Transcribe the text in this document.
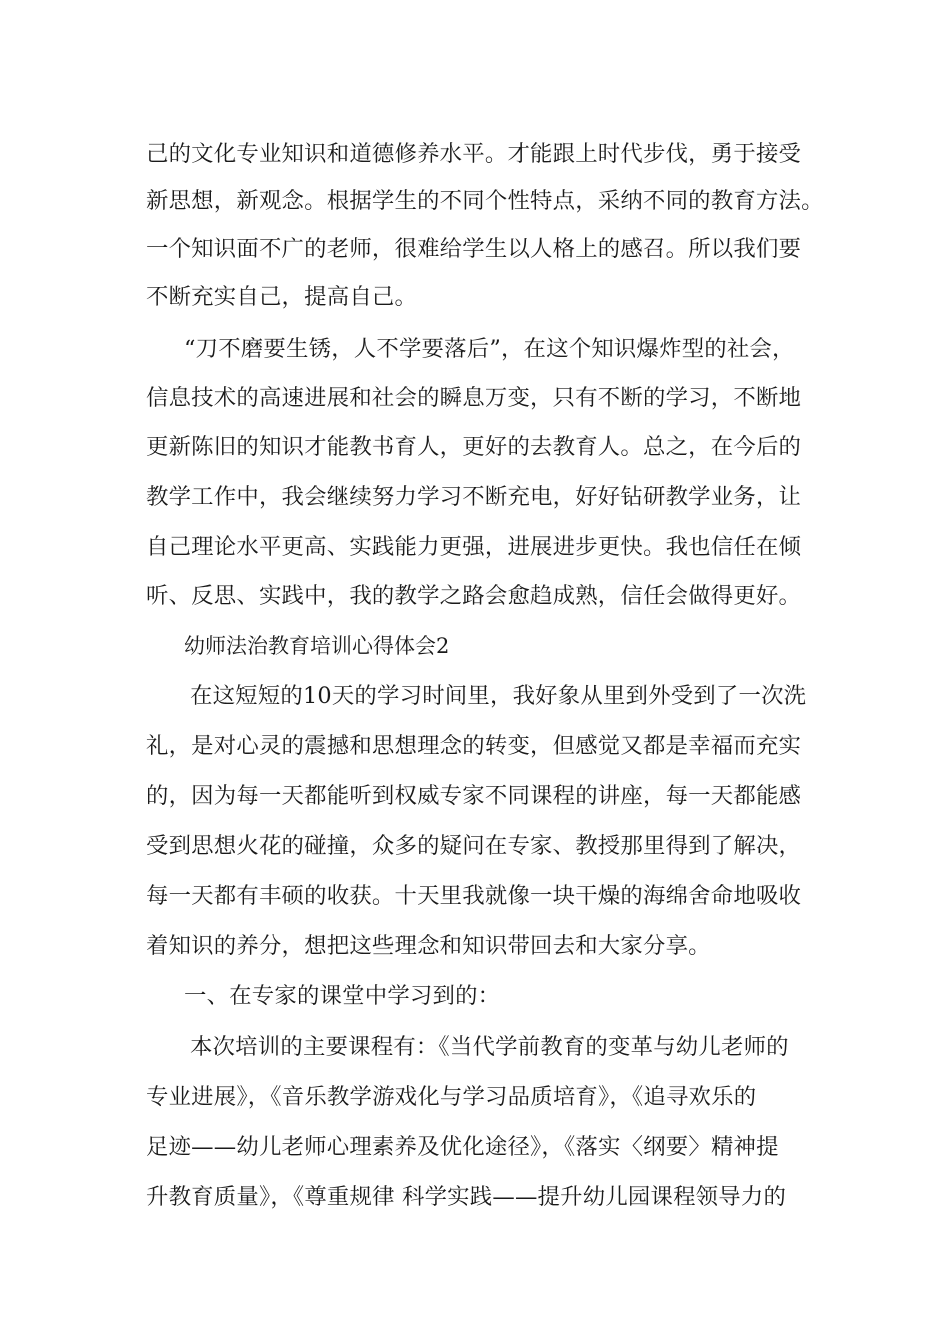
己的文化专业知识和道德修养水平。才能跟上时代步伐，勇于接受
新思想，新观念。根据学生的不同个性特点，采纳不同的教育方法。
一个知识面不广的老师，很难给学生以人格上的感召。所以我们要
不断充实自己，提高自己。
“刀不磨要生锈，人不学要落后”，在这个知识爆炸型的社会，
信息技术的高速进展和社会的瞬息万变，只有不断的学习，不断地
更新陈旧的知识才能教书育人，更好的去教育人。总之，在今后的
教学工作中，我会继续努力学习不断充电，好好钻研教学业务，让
自己理论水平更高、实践能力更强，进展进步更快。我也信任在倾
听、反思、实践中，我的教学之路会愈趋成熟，信任会做得更好。
幼师法治教育培训心得体会2
在这短短的10天的学习时间里，我好象从里到外受到了一次洗
礼，是对心灵的震撼和思想理念的转变，但感觉又都是幸福而充实
的，因为每一天都能听到权威专家不同课程的讲座，每一天都能感
受到思想火花的碰撞，众多的疑问在专家、教授那里得到了解决，
每一天都有丰硕的收获。十天里我就像一块干燥的海绵舍命地吸收
着知识的养分，想把这些理念和知识带回去和大家分享。
一、在专家的课堂中学习到的：
本次培训的主要课程有：《当代学前教育的变革与幼儿老师的
专业进展》，《音乐教学游戏化与学习品质培育》，《追寻欢乐的
足迹——幼儿老师心理素养及优化途径》，《落实〈纲要〉精神提
升教育质量》，《尊重规律 科学实践——提升幼儿园课程领导力的
